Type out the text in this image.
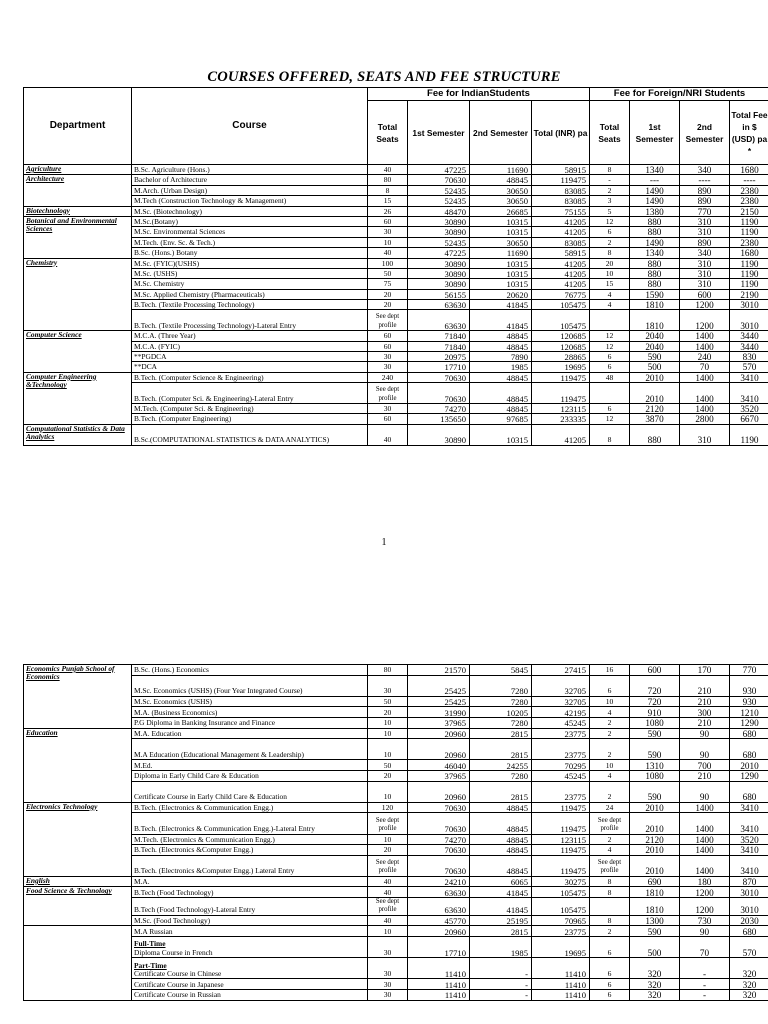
COURSES OFFERED, SEATS AND FEE STRUCTURE
Department	Course	Fee for IndianStudents				Fee for Foreign/NRI Students			
		Total Seats	1st Semester	2nd Semester	Total (INR) pa	Total Seats	1st Semester	2nd Semester	Total Fee in $ (USD) pa *
Agriculture	B.Sc. Agriculture (Hons.)	40	47225	11690	58915	8	1340	340	1680
Architecture	Bachelor of Architecture	80	70630	48845	119475	-	---	----	----
	M.Arch. (Urban Design)	8	52435	30650	83085	2	1490	890	2380
	M.Tech (Construction Technology & Management)	15	52435	30650	83085	3	1490	890	2380
Biotechnology	M.Sc. (Biotechnology)	26	48470	26685	75155	5	1380	770	2150
Botanical and Environmental Sciences	M.Sc.(Botany)	60	30890	10315	41205	12	880	310	1190
	M.Sc. Environmental Sciences	30	30890	10315	41205	6	880	310	1190
	M.Tech. (Env. Sc. & Tech.)	10	52435	30650	83085	2	1490	890	2380
	B.Sc. (Hons.) Botany	40	47225	11690	58915	8	1340	340	1680
Chemistry	M.Sc. (FYIC)(USHS)	100	30890	10315	41205	20	880	310	1190
	M.Sc. (USHS)	50	30890	10315	41205	10	880	310	1190
	M.Sc. Chemistry	75	30890	10315	41205	15	880	310	1190
	M.Sc. Applied Chemistry (Pharmaceuticals)	20	56155	20620	76775	4	1590	600	2190
	B.Tech. (Textile Processing Technology)	20	63630	41845	105475	4	1810	1200	3010
	B.Tech. (Textile Processing Technology)-Lateral Entry	See dept profile	63630	41845	105475		1810	1200	3010
Computer Science	M.C.A. (Three Year)	60	71840	48845	120685	12	2040	1400	3440
	M.C.A. (FYIC)	60	71840	48845	120685	12	2040	1400	3440
	**PGDCA	30	20975	7890	28865	6	590	240	830
	**DCA	30	17710	1985	19695	6	500	70	570
Computer Engineering &Technology	B.Tech. (Computer Science & Engineering)	240	70630	48845	119475	48	2010	1400	3410
	B.Tech. (Computer Sci. & Engineering)-Lateral Entry	See dept profile	70630	48845	119475		2010	1400	3410
	M.Tech. (Computer Sci. & Engineering)	30	74270	48845	123115	6	2120	1400	3520
	B.Tech. (Computer Engineering)	60	135650	97685	233335	12	3870	2800	6670
Computational Statistics & Data Analytics	B.Sc.(COMPUTATIONAL STATISTICS & DATA ANALYTICS)	40	30890	10315	41205	8	880	310	1190
1
Economics Punjab School of Economics	B.Sc. (Hons.) Economics	80	21570	5845	27415	16	600	170	770
	M.Sc. Economics (USHS) (Four Year Integrated Course)	30	25425	7280	32705	6	720	210	930
	M.Sc. Economics (USHS)	50	25425	7280	32705	10	720	210	930
	M.A. (Business Economics)	20	31990	10205	42195	4	910	300	1210
	P.G Diploma in Banking Insurance and Finance	10	37965	7280	45245	2	1080	210	1290
Education	M.A. Education	10	20960	2815	23775	2	590	90	680
	M.A Education (Educational Management & Leadership)	10	20960	2815	23775	2	590	90	680
	M.Ed.	50	46040	24255	70295	10	1310	700	2010
	Diploma in Early Child Care & Education	20	37965	7280	45245	4	1080	210	1290
	Certificate Course in Early Child Care & Education	10	20960	2815	23775	2	590	90	680
Electronics Technology	B.Tech. (Electronics & Communication Engg.)	120	70630	48845	119475	24	2010	1400	3410
	B.Tech. (Electronics & Communication Engg.)-Lateral Entry	See dept profile	70630	48845	119475	See dept profile	2010	1400	3410
	M.Tech. (Electronics & Communication Engg.)	10	74270	48845	123115	2	2120	1400	3520
	B.Tech. (Electronics &Computer Engg.)	20	70630	48845	119475	4	2010	1400	3410
	B.Tech. (Electronics &Computer Engg.) Lateral Entry	See dept profile	70630	48845	119475	See dept profile	2010	1400	3410
English	M.A.	40	24210	6065	30275	8	690	180	870
Food Science & Technology	B.Tech (Food Technology)	40	63630	41845	105475	8	1810	1200	3010
	B.Tech (Food Technology)-Lateral Entry	See dept profile	63630	41845	105475		1810	1200	3010
	M.Sc. (Food Technology)	40	45770	25195	70965	8	1300	730	2030
	M.A Russian	10	20960	2815	23775	2	590	90	680

	Full-Time
Diploma Course in French	30	17710	1985	19695	6	500	70	570

	Part-Time
Certificate Course in Chinese	30	11410	-	11410	6	320	-	320
	Certificate Course in Japanese	30	11410	-	11410	6	320	-	320
	Certificate Course in Russian	30	11410	-	11410	6	320	-	320
